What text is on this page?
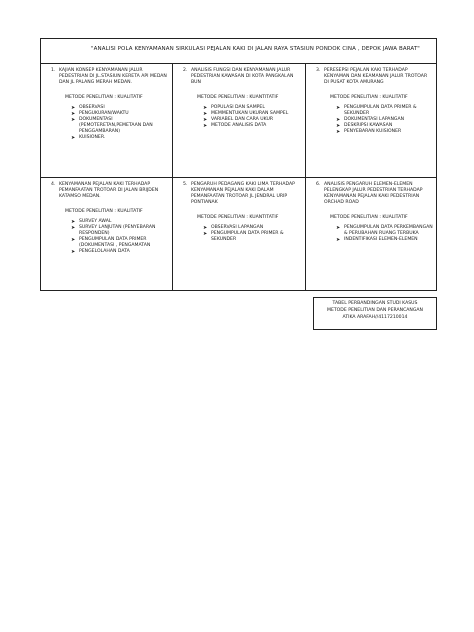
"ANALISI POLA KENYAMANAN SIRKULASI PEJALAN KAKI DI JALAN RAYA STASIUN PONDOK CINA , DEPOK JAWA BARAT"
1. KAJIAN KONSEP KENYAMANAN JALUR PEDESTRIAN DI JL.STASIUN KERETA API MEDAN DAN JL PALANG MERAH MEDAN.
METODE PENELITIAN : KUALITATIF
➤ OBSERVASI
➤ PENGUKURAN/WAKTU
➤ DOKUMENTASI (PEMOTERETAN,PEMETAAN DAN PENGGAMBARAN)
➤ KUISIONER.
2. ANALISIS FUNGSI DAN KENYAMANAN JALUR PEDESTRIAN KAWASAN DI KOTA PANGKALAN BUN
METODE PENELITIAN : KUANTITATIF
➤ POPULASI DAN SAMPEL
➤ MEMMENTUKAN UKURAN SAMPEL
➤ VARIABEL DAN CARA UKUR
➤ METODE ANALISIS DATA
3. PERESEPSI PEJALAN KAKI TERHADAP KENYAMAN DAN KEAMANAN JALUR TROTOAR DI PUSAT KOTA AMURANG
METODE PENELITIAN : KUALITATIF
➤ PENGUMPULAN DATA PRIMER & SEKUNDER
➤ DOKUMENTASI LAPANGAN
➤ DESKRIPSI KAWASAN
➤ PENYEBARAN KUISIONER
4. KENYAMANAN PEJALAN KAKI TERHADAP PEMANFAATAN TROTOAR DI JALAN BRIJDEN KATAMSO MEDAN.
METODE PENELITIAN : KUALITATIF
➤ SURVEY AWAL
➤ SURVEY LANJUTAN (PENYEBARAN RESPONDEN)
➤ PENGUMPULAN DATA PRIMER (DOKUMENTASI , PENGAMATAN
➤ PENGELOLAHAN DATA
5. PENGARUH PEDAGANG KAKI LIMA TERHADAP KENYAMANAN PEJALAN KAKI DALAM PEMANFAATAN TROTOAR JL JENDRAL URIP PONTIANAK
METODE PENELITIAN : KUANTITATIF
➤ OBSERVASI LAPANGAN
➤ PENGUMPULAN DATA PRIMER & SEKUNDER
6. ANALISIS PENGARUH ELEMEN-ELEMEN PELENGKAP JALUR PEDESTRIAN TERHADAP KENYAMANAN PEJALAN KAKI PEDESTRIAN ORCHAD ROAD
METODE PENELITIAN : KUALITATIF
➤ PENGUMPULAN DATA PERKEMBANGAN & PERUBAHAN RUANG TERBUKA
➤ INDENTIFIKASI ELEMEN-ELEMEN
TABEL PERBANDINGAN STUDI KASUS
METODE PENELITIAN DAN PERANCANGAN
ATIKA ARAFAH//4117210014
